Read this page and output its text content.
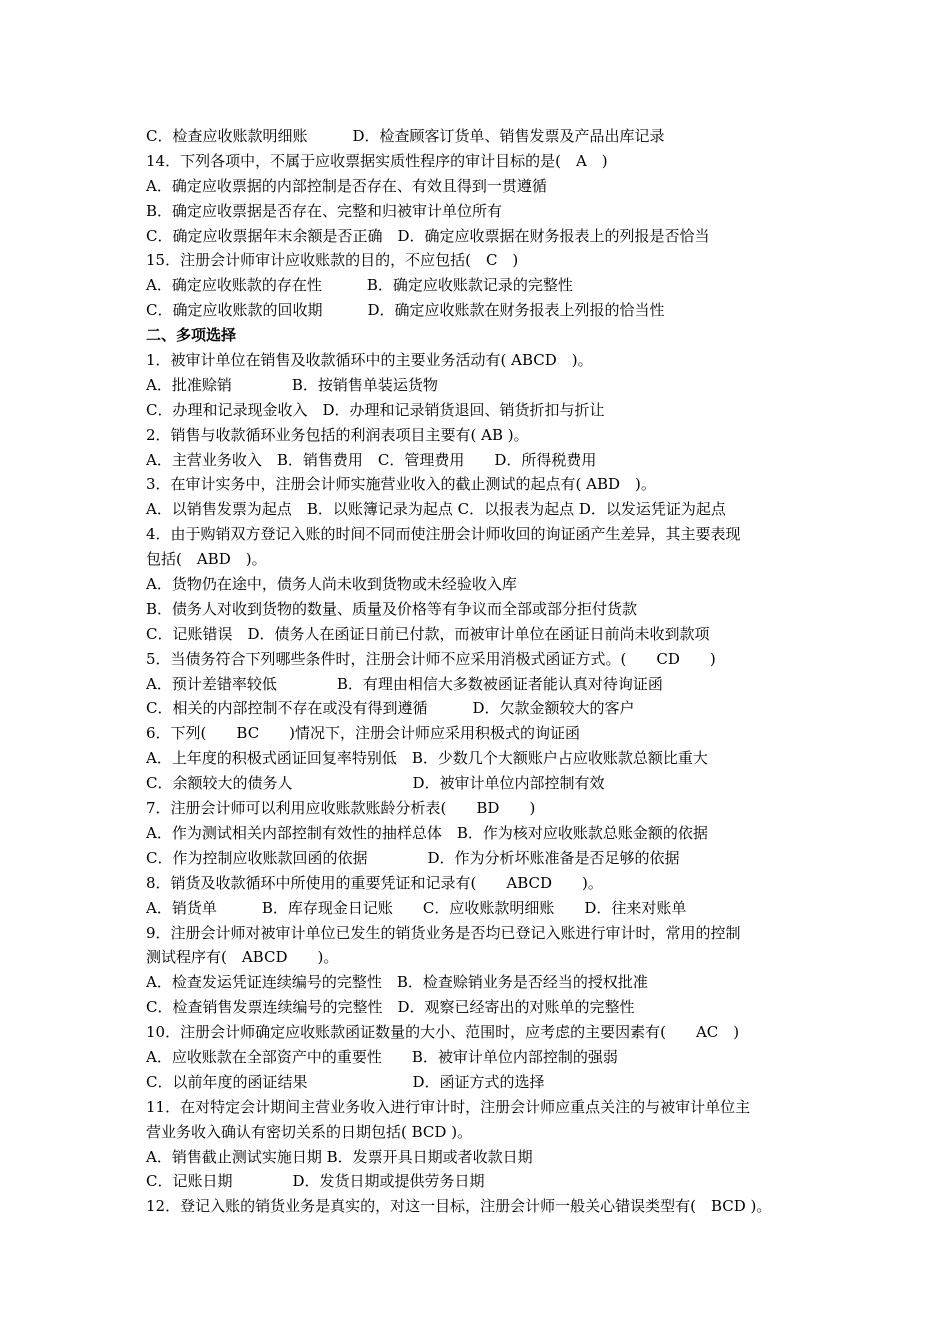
C．检查应收账款明细账　　　D．检查顾客订货单、销售发票及产品出库记录
14．下列各项中，不属于应收票据实质性程序的审计目标的是(　A　)
A．确定应收票据的内部控制是否存在、有效且得到一贯遵循
B．确定应收票据是否存在、完整和归被审计单位所有
C．确定应收票据年末余额是否正确　D．确定应收票据在财务报表上的列报是否恰当
15．注册会计师审计应收账款的目的，不应包括(　C　)
A．确定应收账款的存在性　　　B．确定应收账款记录的完整性
C．确定应收账款的回收期　　　D．确定应收账款在财务报表上列报的恰当性
二、多项选择
1．被审计单位在销售及收款循环中的主要业务活动有( ABCD　)。
A．批准赊销　　　　B．按销售单装运货物
C．办理和记录现金收入　D．办理和记录销货退回、销货折扣与折让
2．销售与收款循环业务包括的利润表项目主要有( AB )。
A．主营业务收入　B．销售费用　C．管理费用　　D．所得税费用
3．在审计实务中，注册会计师实施营业收入的截止测试的起点有( ABD　)。
A．以销售发票为起点　B．以账簿记录为起点 C．以报表为起点 D．以发运凭证为起点
4．由于购销双方登记入账的时间不同而使注册会计师收回的询证函产生差异，其主要表现
包括(　ABD　)。
A．货物仍在途中，债务人尚未收到货物或未经验收入库
B．债务人对收到货物的数量、质量及价格等有争议而全部或部分拒付货款
C．记账错误　D．债务人在函证日前已付款，而被审计单位在函证日前尚未收到款项
5．当债务符合下列哪些条件时，注册会计师不应采用消极式函证方式。(　　CD　　)
A．预计差错率较低　　　　B．有理由相信大多数被函证者能认真对待询证函
C．相关的内部控制不存在或没有得到遵循　　　D．欠款金额较大的客户
6．下列(　　BC　　)情况下，注册会计师应采用积极式的询证函
A．上年度的积极式函证回复率特别低　B．少数几个大额账户占应收账款总额比重大
C．余额较大的债务人　　　　　　　　D．被审计单位内部控制有效
7．注册会计师可以利用应收账款账龄分析表(　　BD　　)
A．作为测试相关内部控制有效性的抽样总体　B．作为核对应收账款总账金额的依据
C．作为控制应收账款回函的依据　　　　D．作为分析坏账准备是否足够的依据
8．销货及收款循环中所使用的重要凭证和记录有(　　ABCD　　)。
A．销货单　　　B．库存现金日记账　　C．应收账款明细账　　D．往来对账单
9．注册会计师对被审计单位已发生的销货业务是否均已登记入账进行审计时，常用的控制
测试程序有(　ABCD　　)。
A．检查发运凭证连续编号的完整性　B．检查赊销业务是否经当的授权批准
C．检查销售发票连续编号的完整性　D．观察已经寄出的对账单的完整性
10．注册会计师确定应收账款函证数量的大小、范围时，应考虑的主要因素有(　　AC　)
A．应收账款在全部资产中的重要性　　B．被审计单位内部控制的强弱
C．以前年度的函证结果　　　　　　　D．函证方式的选择
11．在对特定会计期间主营业务收入进行审计时，注册会计师应重点关注的与被审计单位主
营业务收入确认有密切关系的日期包括( BCD )。
A．销售截止测试实施日期 B．发票开具日期或者收款日期
C．记账日期　　　　D．发货日期或提供劳务日期
12．登记入账的销货业务是真实的，对这一目标，注册会计师一般关心错误类型有(　BCD )。
